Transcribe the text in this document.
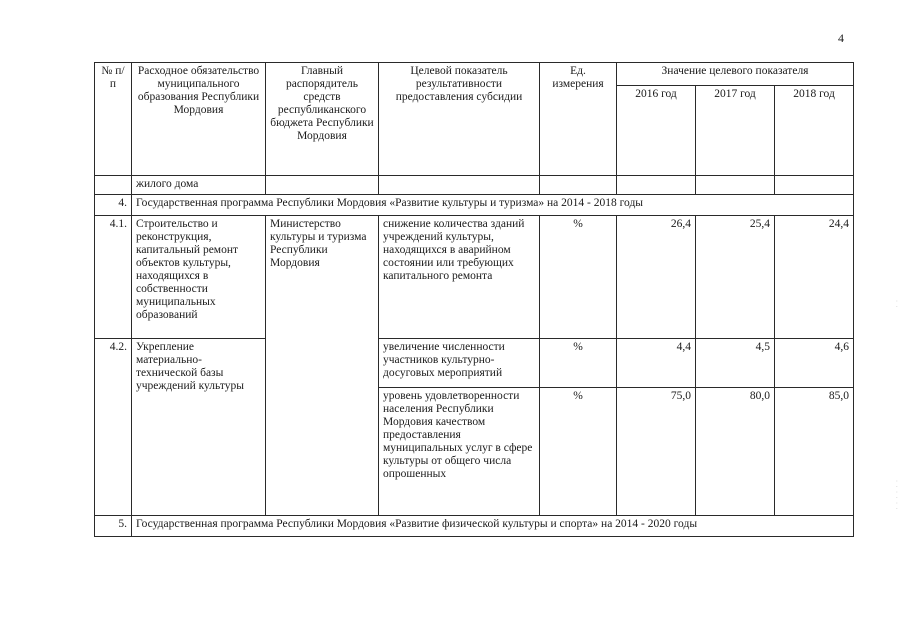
4
№ п/п	Расходное обязательство муниципального образования Республики Мордовия	Главный распорядитель средств республиканского бюджета Республики Мордовия	Целевой показатель результативности предоставления субсидии	Ед. измерения	Значение целевого показателя		
					2016 год	2017 год	2018 год
	жилого дома						
4.	Государственная программа Республики Мордовия «Развитие культуры и туризма» на 2014 - 2018 годы						
4.1.	Строительство и реконструкция, капитальный ремонт объектов культуры, находящихся в собственности муниципальных образований	Министерство культуры и туризма Республики Мордовия	снижение количества зданий учреждений культуры, находящихся в аварийном состоянии или требующих капитального ремонта	%	26,4	25,4	24,4
4.2.	Укрепление материально-технической базы учреждений культуры		увеличение численности участников культурно-досуговых мероприятий	%	4,4	4,5	4,6
			уровень удовлетворенности населения Республики Мордовия качеством предоставления муниципальных услуг в сфере культуры от общего числа опрошенных	%	75,0	80,0	85,0
5.	Государственная программа Республики Мордовия «Развитие физической культуры и спорта» на 2014 - 2020 годы						
· ·
· · · · · ·
